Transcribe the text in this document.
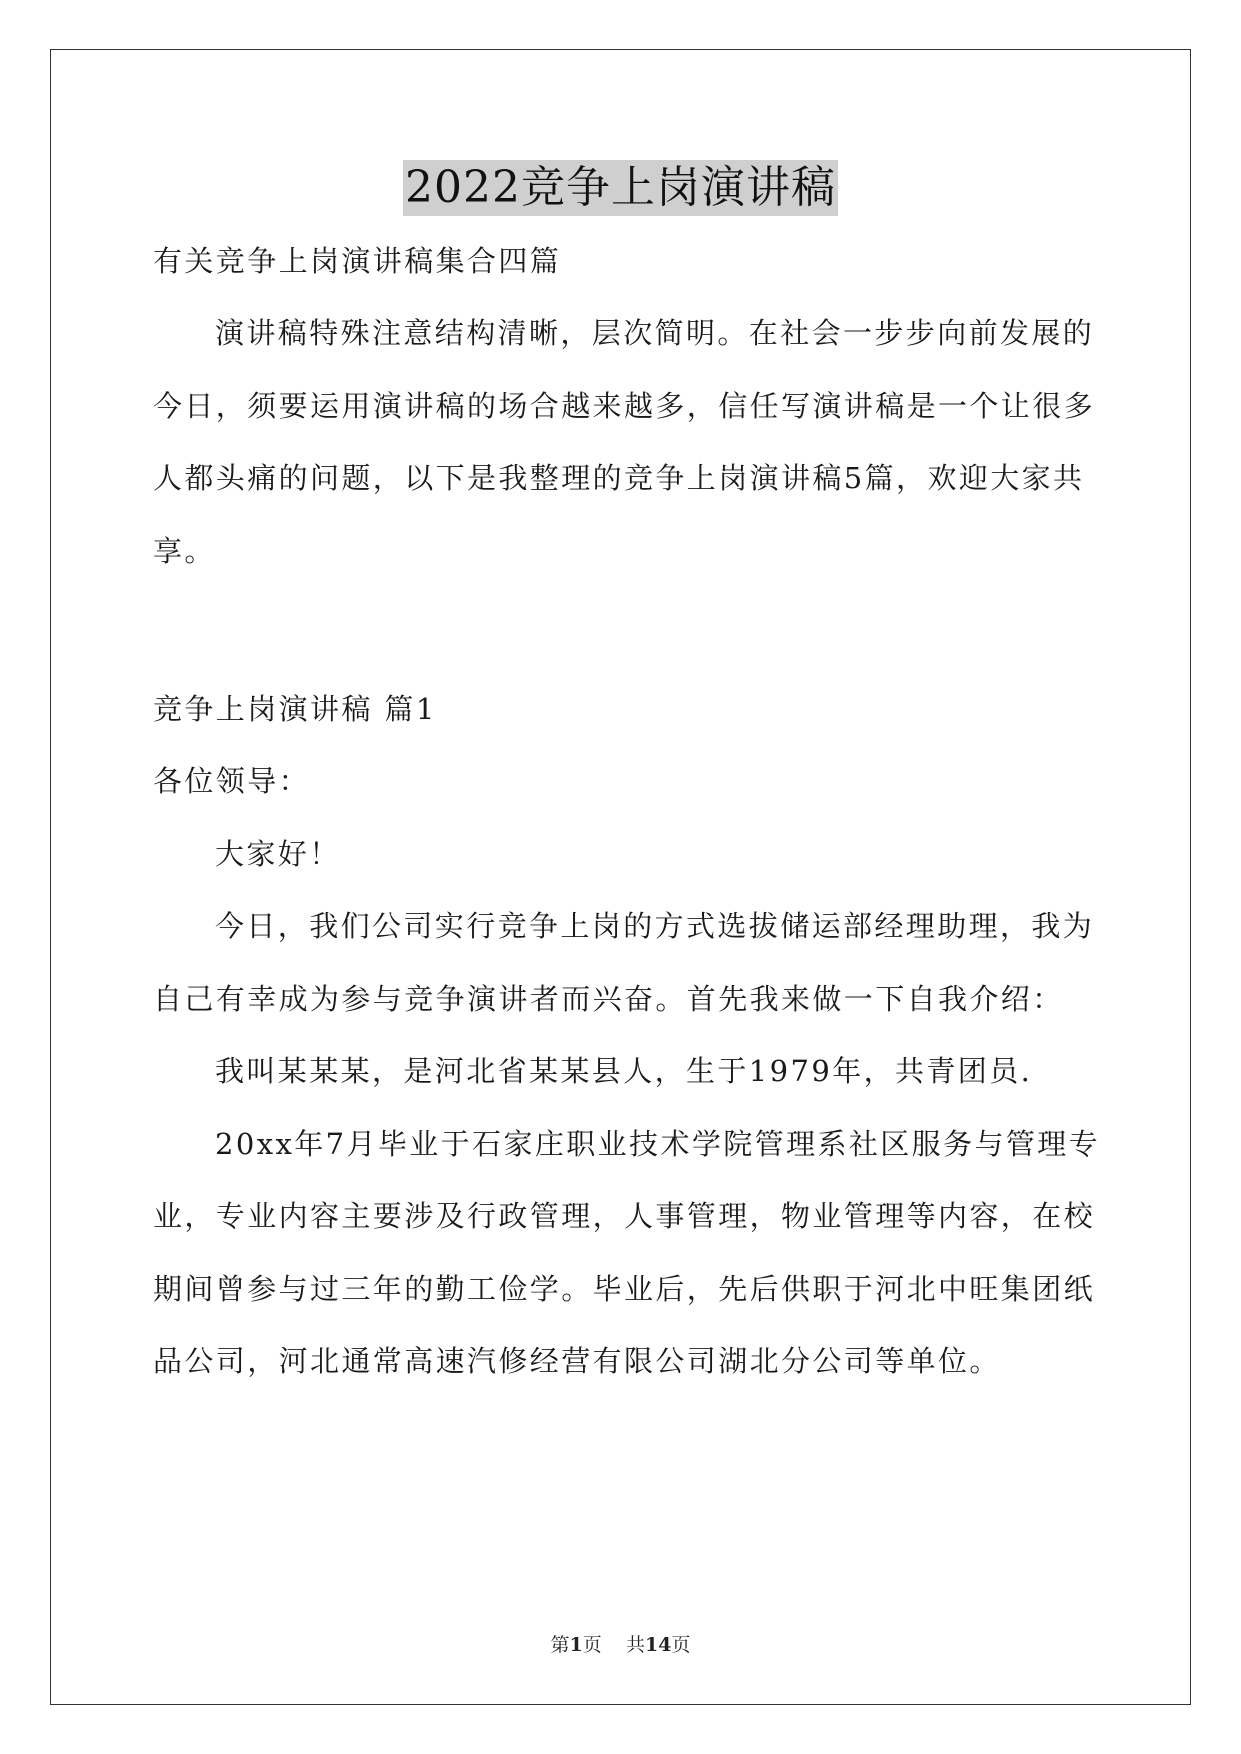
2022竞争上岗演讲稿
有关竞争上岗演讲稿集合四篇
演讲稿特殊注意结构清晰，层次简明。在社会一步步向前发展的
今日，须要运用演讲稿的场合越来越多，信任写演讲稿是一个让很多
人都头痛的问题，以下是我整理的竞争上岗演讲稿5篇，欢迎大家共
享。
竞争上岗演讲稿 篇1
各位领导：
大家好！
今日，我们公司实行竞争上岗的方式选拔储运部经理助理，我为
自己有幸成为参与竞争演讲者而兴奋。首先我来做一下自我介绍：
我叫某某某，是河北省某某县人，生于1979年，共青团员.
20xx年7月毕业于石家庄职业技术学院管理系社区服务与管理专
业，专业内容主要涉及行政管理，人事管理，物业管理等内容，在校
期间曾参与过三年的勤工俭学。毕业后，先后供职于河北中旺集团纸
品公司，河北通常高速汽修经营有限公司湖北分公司等单位。
第1页 共14页
